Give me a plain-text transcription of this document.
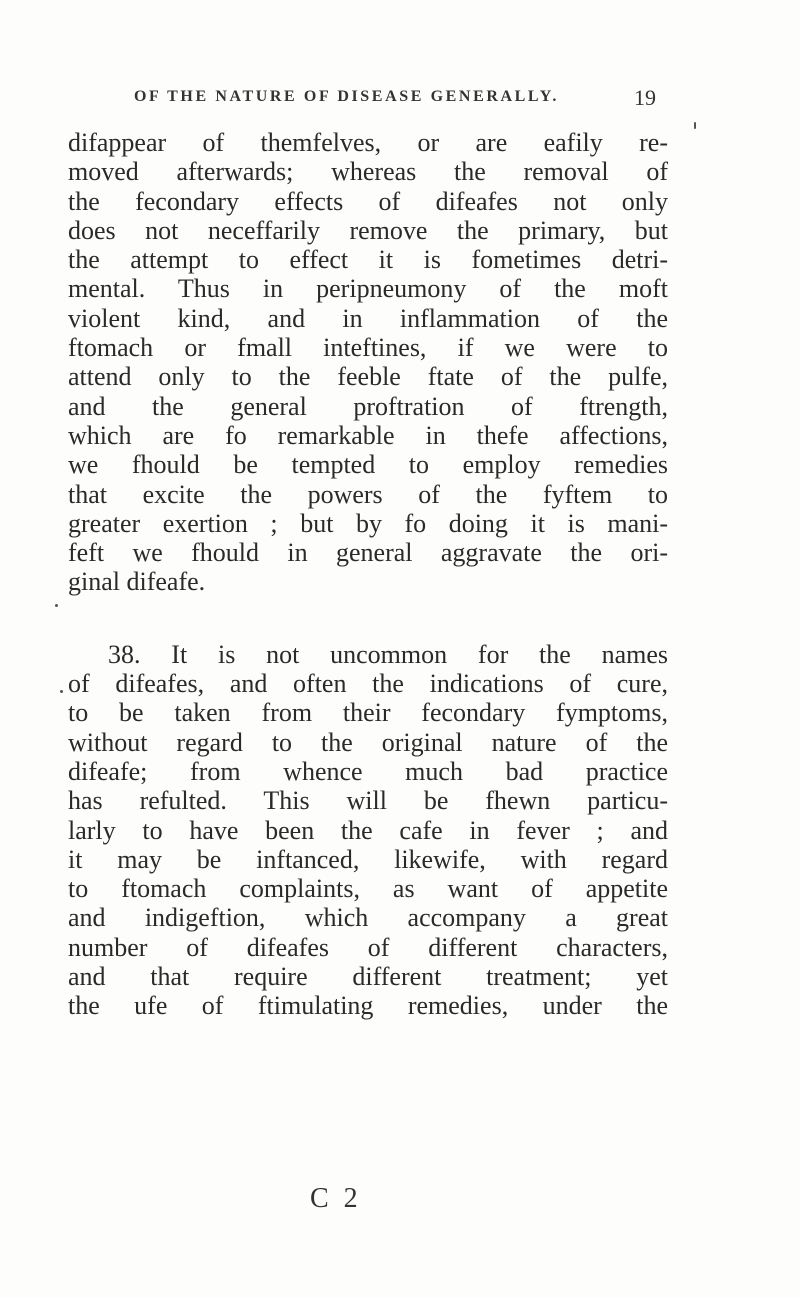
OF THE NATURE OF DISEASE GENERALLY.	19
difappear of themfelves, or are eafily re-
moved afterwards; whereas the removal of
the fecondary effects of difeafes not only
does not neceffarily remove the primary, but
the attempt to effect it is fometimes detri-
mental. Thus in peripneumony of the moft
violent kind, and in inflammation of the
ftomach or fmall inteftines, if we were to
attend only to the feeble ftate of the pulfe,
and the general proftration of ftrength,
which are fo remarkable in thefe affections,
we fhould be tempted to employ remedies
that excite the powers of the fyftem to
greater exertion ; but by fo doing it is mani-
feft we fhould in general aggravate the ori-
ginal difeafe.
38. It is not uncommon for the names
of difeafes, and often the indications of cure,
to be taken from their fecondary fymptoms,
without regard to the original nature of the
difeafe; from whence much bad practice
has refulted. This will be fhewn particu-
larly to have been the cafe in fever ; and
it may be inftanced, likewife, with regard
to ftomach complaints, as want of appetite
and indigeftion, which accompany a great
number of difeafes of different characters,
and that require different treatment; yet
the ufe of ftimulating remedies, under the
C 2
